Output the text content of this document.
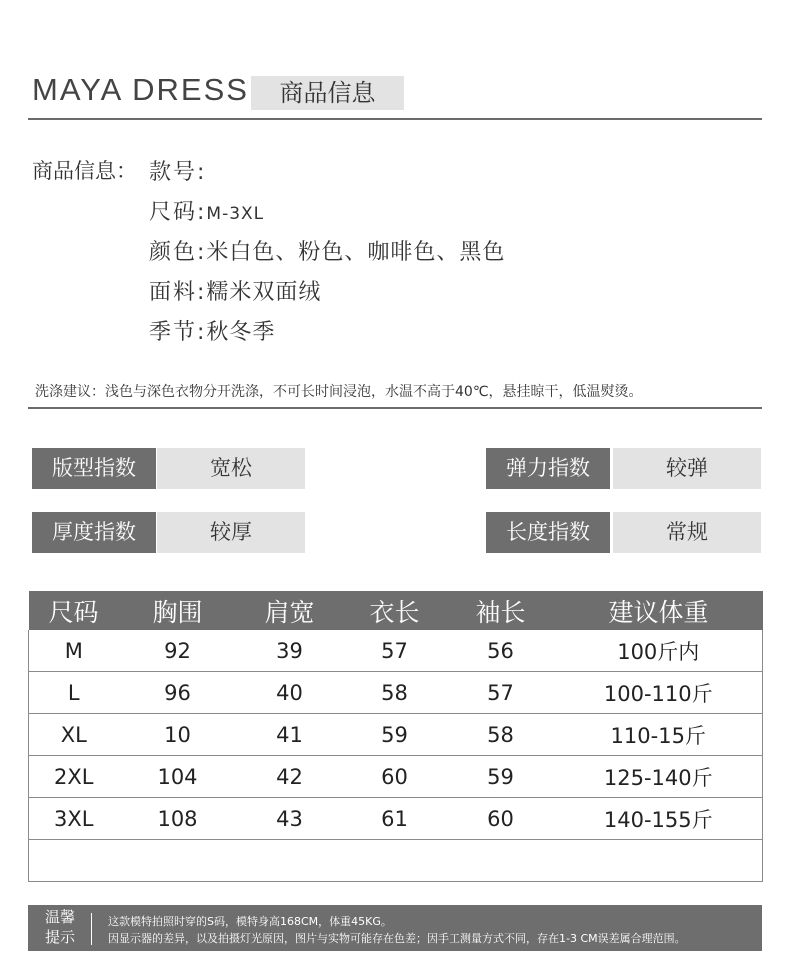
MAYA DRESS	商品信息
商品信息： 款号:
尺码:M-3XL
颜色:米白色、粉色、咖啡色、黑色
面料:糯米双面绒
季节:秋冬季
洗涤建议：浅色与深色衣物分开洗涤，不可长时间浸泡，水温不高于40℃，悬挂晾干，低温熨烫。
版型指数	宽松	弹力指数	较弹
厚度指数	较厚	长度指数	常规
尺码	胸围	肩宽	衣长	袖长	建议体重
M	92	39	57	56	100斤内
L	96	40	58	57	100-110斤
XL	10	41	59	58	110-15斤
2XL	104	42	60	59	125-140斤
3XL	108	43	61	60	140-155斤

温馨
提示
这款模特拍照时穿的S码，模特身高168CM，体重45KG。
因显示器的差异，以及拍摄灯光原因，图片与实物可能存在色差；因手工测量方式不同，存在1-3 CM误差属合理范围。
